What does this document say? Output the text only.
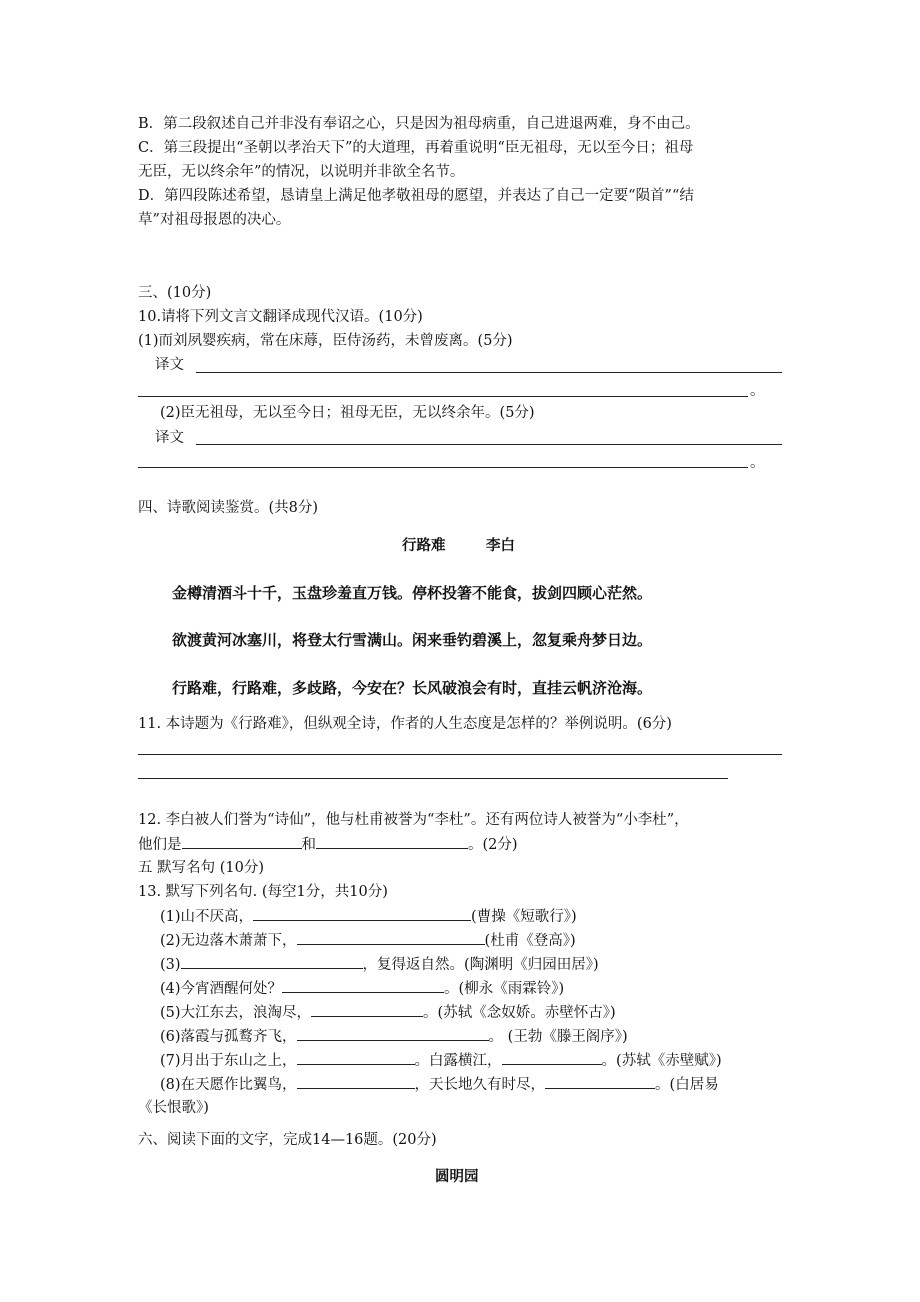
B．第二段叙述自己并非没有奉诏之心，只是因为祖母病重，自己进退两难，身不由己。
C．第三段提出“圣朝以孝治天下”的大道理，再着重说明“臣无祖母，无以至今日；祖母
无臣，无以终余年”的情况，以说明并非欲全名节。
D．第四段陈述希望，恳请皇上满足他孝敬祖母的愿望，并表达了自己一定要“陨首”“结
草”对祖母报恩的决心。
三、(10分)
10.请将下列文言文翻译成现代汉语。(10分)
(1)而刘夙婴疾病，常在床蓐，臣侍汤药，未曾废离。(5分)
译文
。
(2)臣无祖母，无以至今日；祖母无臣，无以终余年。(5分)
译文
。
四、诗歌阅读鉴赏。(共8分)
行路难	李白
金樽清酒斗十千，玉盘珍羞直万钱。停杯投箸不能食，拔剑四顾心茫然。
欲渡黄河冰塞川，将登太行雪满山。闲来垂钓碧溪上，忽复乘舟梦日边。
行路难，行路难，多歧路，今安在？长风破浪会有时，直挂云帆济沧海。
11. 本诗题为《行路难》，但纵观全诗，作者的人生态度是怎样的？举例说明。(6分)
12. 李白被人们誉为“诗仙”，他与杜甫被誉为“李杜”。还有两位诗人被誉为“小李杜”，
他们是	和	。(2分)
五 默写名句 (10分)
13. 默写下列名句. (每空1分，共10分)
(1)山不厌高，	(曹操《短歌行》)
(2)无边落木萧萧下，	(杜甫《登高》)
(3)	，复得返自然。(陶渊明《归园田居》)
(4)今宵酒醒何处？	。(柳永《雨霖铃》)
(5)大江东去，浪淘尽，	。(苏轼《念奴娇。赤壁怀古》)
(6)落霞与孤鹜齐飞，	。 (王勃《滕王阁序》)
(7)月出于东山之上，	。白露横江，	。(苏轼《赤壁赋》)
(8)在天愿作比翼鸟，	，天长地久有时尽，	。(白居易
《长恨歌》)
六、阅读下面的文字，完成14—16题。(20分)
圆明园
